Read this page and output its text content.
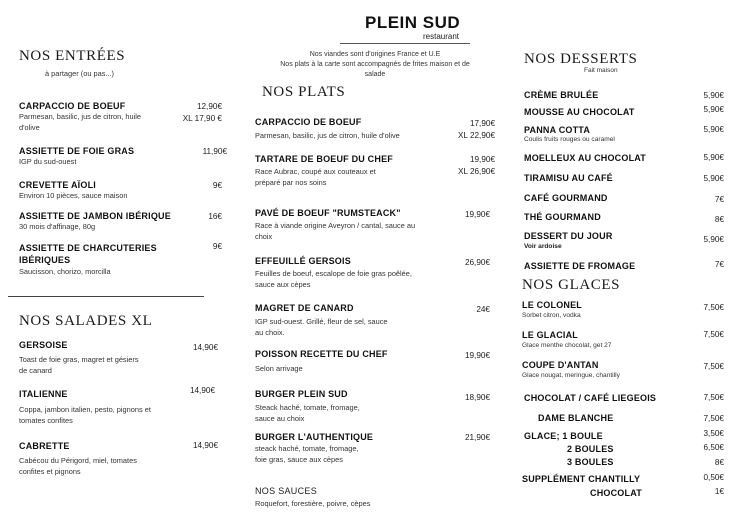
PLEIN SUD
restaurant
Nos viandes sont d'origines France et U.E
Nos plats à la carte sont accompagnés de frites maison et de
salade
NOS ENTRÉES
à partager (ou pas...)
CARPACCIO DE BOEUF
Parmesan, basilic, jus de citron, huile
d'olive
12,90€
XL 17,90 €
ASSIETTE DE FOIE GRAS
IGP du sud-ouest
11,90€
CREVETTE AÏOLI
Environ 10 pièces, sauce maison
9€
ASSIETTE DE JAMBON IBÉRIQUE
30 mois d'affinage, 80g
16€
ASSIETTE DE CHARCUTERIES
IBÉRIQUES
Saucisson, chorizo, morcilla
9€
NOS SALADES XL
GERSOISE
Toast de foie gras, magret et gésiers
de canard
14,90€
ITALIENNE
Coppa, jambon italien, pesto, pignons et
tomates confites
14,90€
CABRETTE
Cabécou du Périgord, miel, tomates
confites et pignons
14,90€
NOS PLATS
CARPACCIO DE BOEUF
Parmesan, basilic, jus de citron, huile d'olive
17,90€
XL 22,90€
TARTARE DE BOEUF DU CHEF
Race Aubrac, coupé aux couteaux et
préparé par nos soins
19,90€
XL 26,90€
PAVÉ DE BOEUF "RUMSTEACK"
Race à viande origine Aveyron / cantal, sauce au
choix
19,90€
EFFEUILLÉ GERSOIS
Feuilles de boeuf, escalope de foie gras poêlée,
sauce aux cèpes
26,90€
MAGRET DE CANARD
IGP sud-ouest. Grillé, fleur de sel, sauce
au choix.
24€
POISSON RECETTE DU CHEF
Selon arrivage
19,90€
BURGER PLEIN SUD
Steack haché, tomate, fromage,
sauce au choix
18,90€
BURGER L'AUTHENTIQUE
steack haché, tomate, fromage,
foie gras, sauce aux cèpes
21,90€
NOS SAUCES
Roquefort, forestière, poivre, cèpes
NOS DESSERTS
Fait maison
CRÈME BRULÉE	5,90€
MOUSSE AU CHOCOLAT	5,90€
PANNA COTTA
Coulis fruits rouges ou caramel
5,90€
MOELLEUX AU CHOCOLAT	5,90€
TIRAMISU AU CAFÉ	5,90€
CAFÉ GOURMAND	7€
THÉ GOURMAND	8€
DESSERT DU JOUR
Voir ardoise
5,90€
ASSIETTE DE FROMAGE	7€
NOS GLACES
LE COLONEL
Sorbet citron, vodka
7,50€
LE GLACIAL
Glace menthe chocolat, get 27
7,50€
COUPE D'ANTAN
Glace nougat, meringue, chantilly
7,50€
CHOCOLAT / CAFÉ LIEGEOIS	7,50€
DAME BLANCHE	7,50€
GLACE; 1 BOULE	3,50€
2 BOULES	6,50€
3 BOULES	8€
SUPPLÉMENT CHANTILLY	0,50€
CHOCOLAT	1€
